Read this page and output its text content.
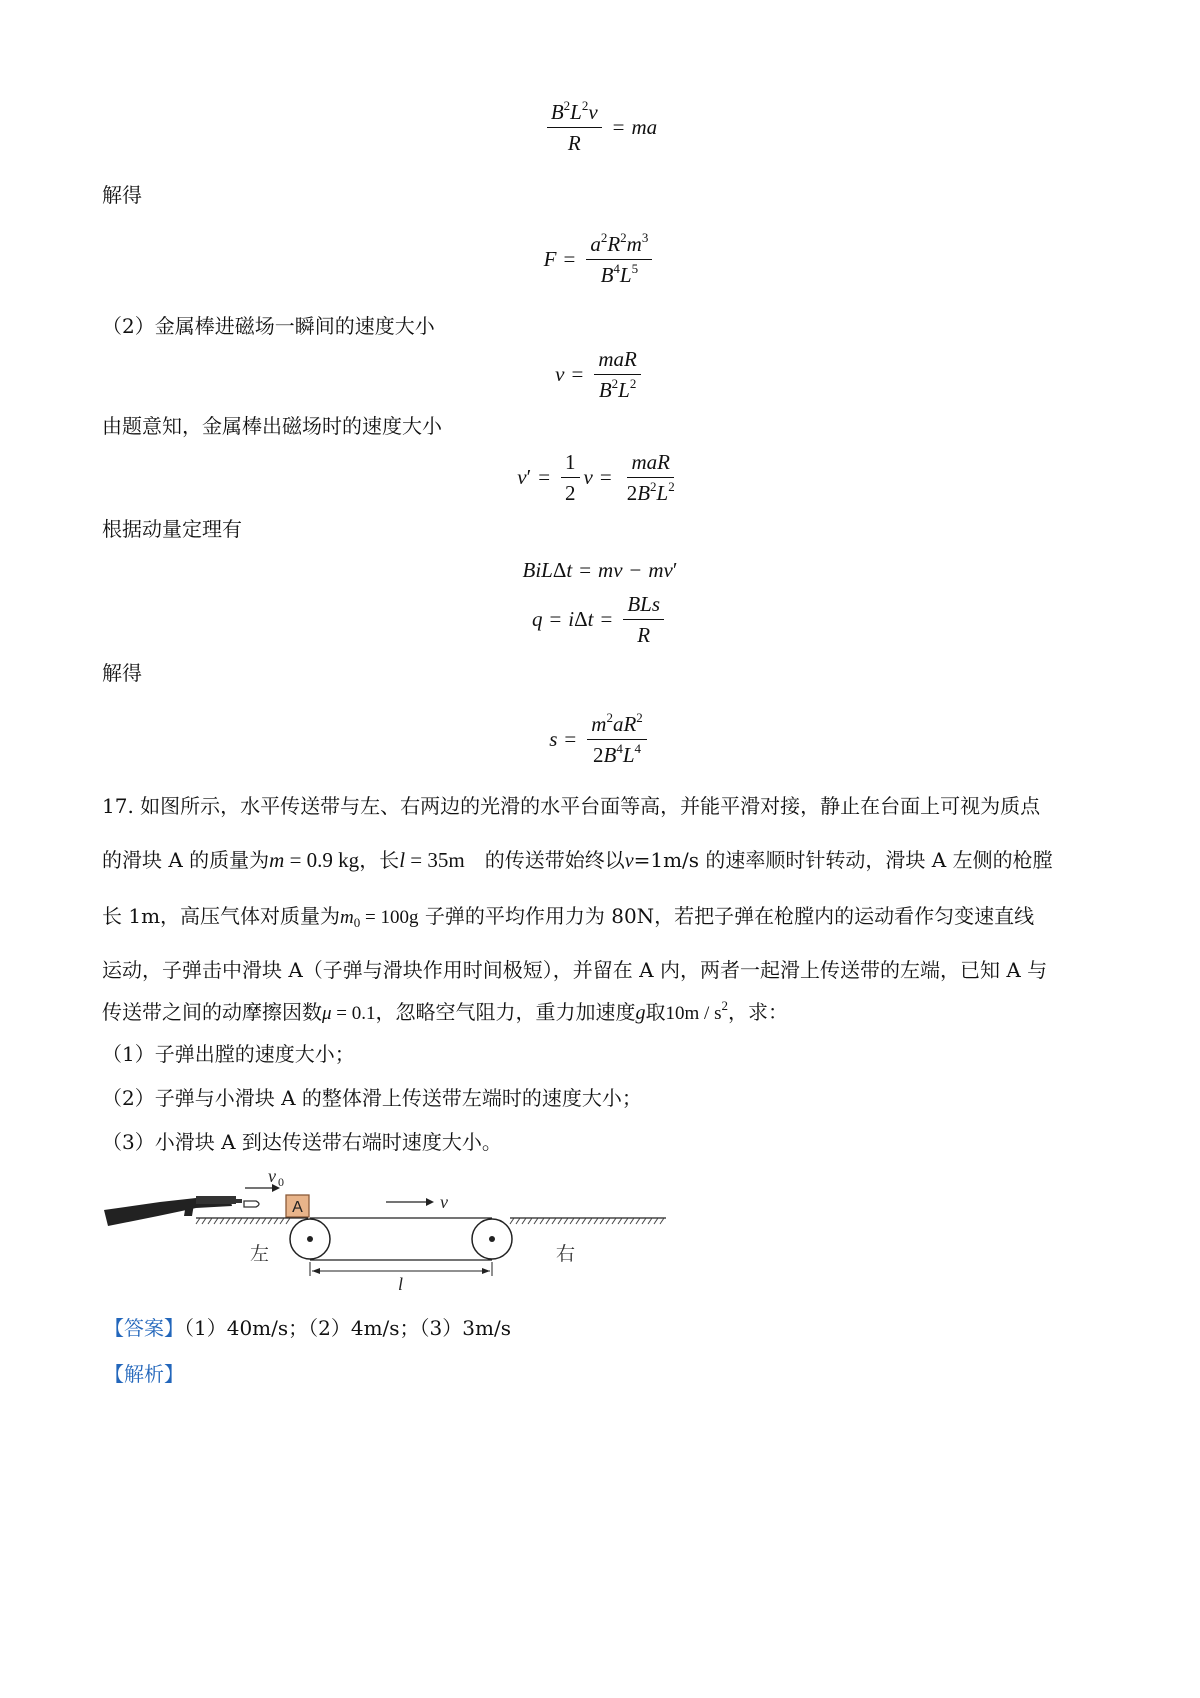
$\frac{B^2L^2v}{R}$ = ma
解得
$F = \frac{a^2R^2m^3}{B^4L^5}$
（2）金属棒进磁场一瞬间的速度大小
$v = \frac{\text{maR}}{B^2L^2}$
由题意知，金属棒出磁场时的速度大小
$v' = \frac{1}{2}$ $v = \frac{\text{maR}}{2B^2L^2}$
根据动量定理有
BiLΔt = mv − mv′
$q = i\Delta t = \frac{\text{BLs}}{R}$
解得
$s = \frac{m^2aR^2}{2B^4L^4}$
17. 如图所示，水平传送带与左、右两边的光滑的水平台面等高，并能平滑对接，静止在台面上可视为质点
的滑块 A 的质量为m = 0.9 kg，长l = 35m　 的传送带始终以v=1m/s 的速率顺时针转动，滑块 A 左侧的枪膛
长 1m，高压气体对质量为$m_0 = 100g$ 子弹的平均作用力为 80N，若把子弹在枪膛内的运动看作匀变速直线
运动，子弹击中滑块 A（子弹与滑块作用时间极短），并留在 A 内，两者一起滑上传送带的左端，已知 A 与
传送带之间的动摩擦因数μ = 0.1，忽略空气阻力，重力加速度g取$10m / s^2$，求：
（1）子弹出膛的速度大小；
（2）子弹与小滑块 A 的整体滑上传送带左端时的速度大小；
（3）小滑块 A 到达传送带右端时速度大小。
v 0
A	v
左	右
l
【答案】（1）40m/s；（2）4m/s；（3）3m/s
【解析】
